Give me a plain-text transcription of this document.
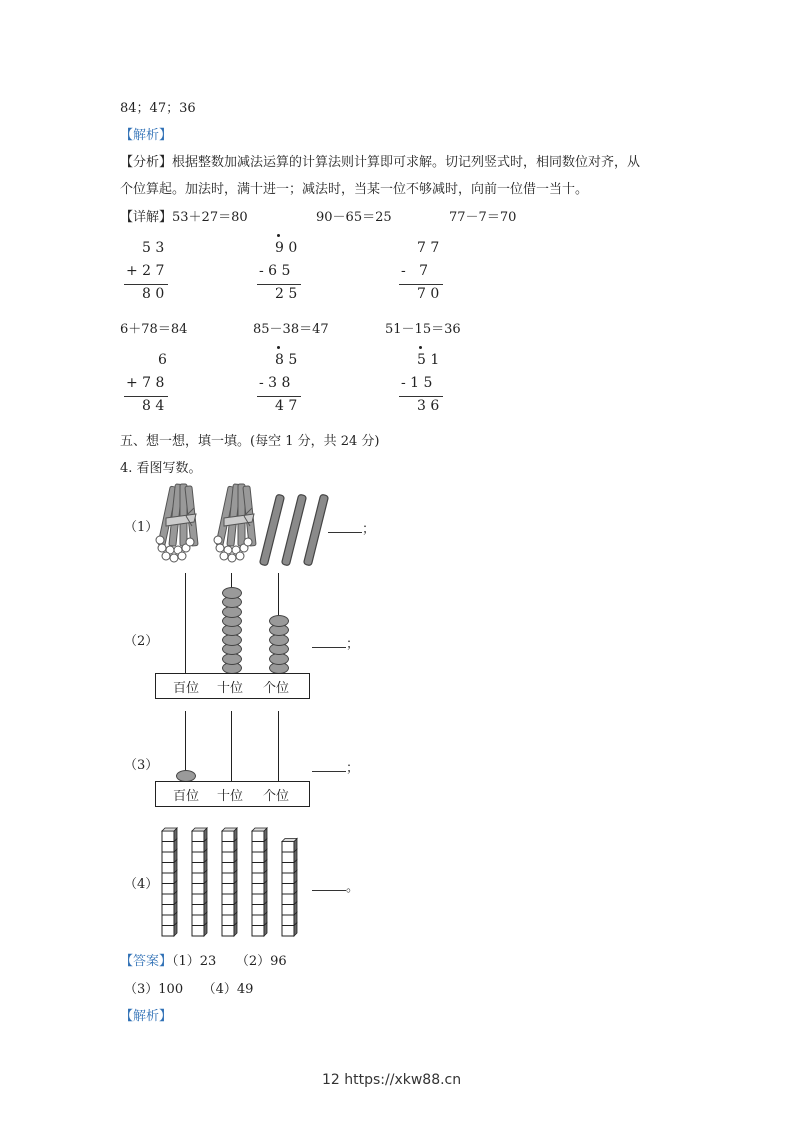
84；47；36
【解析】
【分析】根据整数加减法运算的计算法则计算即可求解。切记列竖式时，相同数位对齐，从
个位算起。加法时，满十进一；减法时，当某一位不够减时，向前一位借一当十。
【详解】53＋27＝80	90－65＝25	77－7＝70
5 3
+ 2 7
8 0
9 0
- 6 5
2 5
7 7
-   7
7 0
6＋78＝84	85－38＝47	51－15＝36
6
+ 7 8
8 4
8 5
- 3 8
4 7
5 1
- 1 5
3 6
五、想一想，填一填。(每空 1 分，共 24 分)
4. 看图写数。
（1）	；
（2）
百位 十位 个位
；
（3）
百位 十位 个位
；
（4）	。
【答案】（1）23　　（2）96
（3）100　　（4）49
【解析】
12 https://xkw88.cn
